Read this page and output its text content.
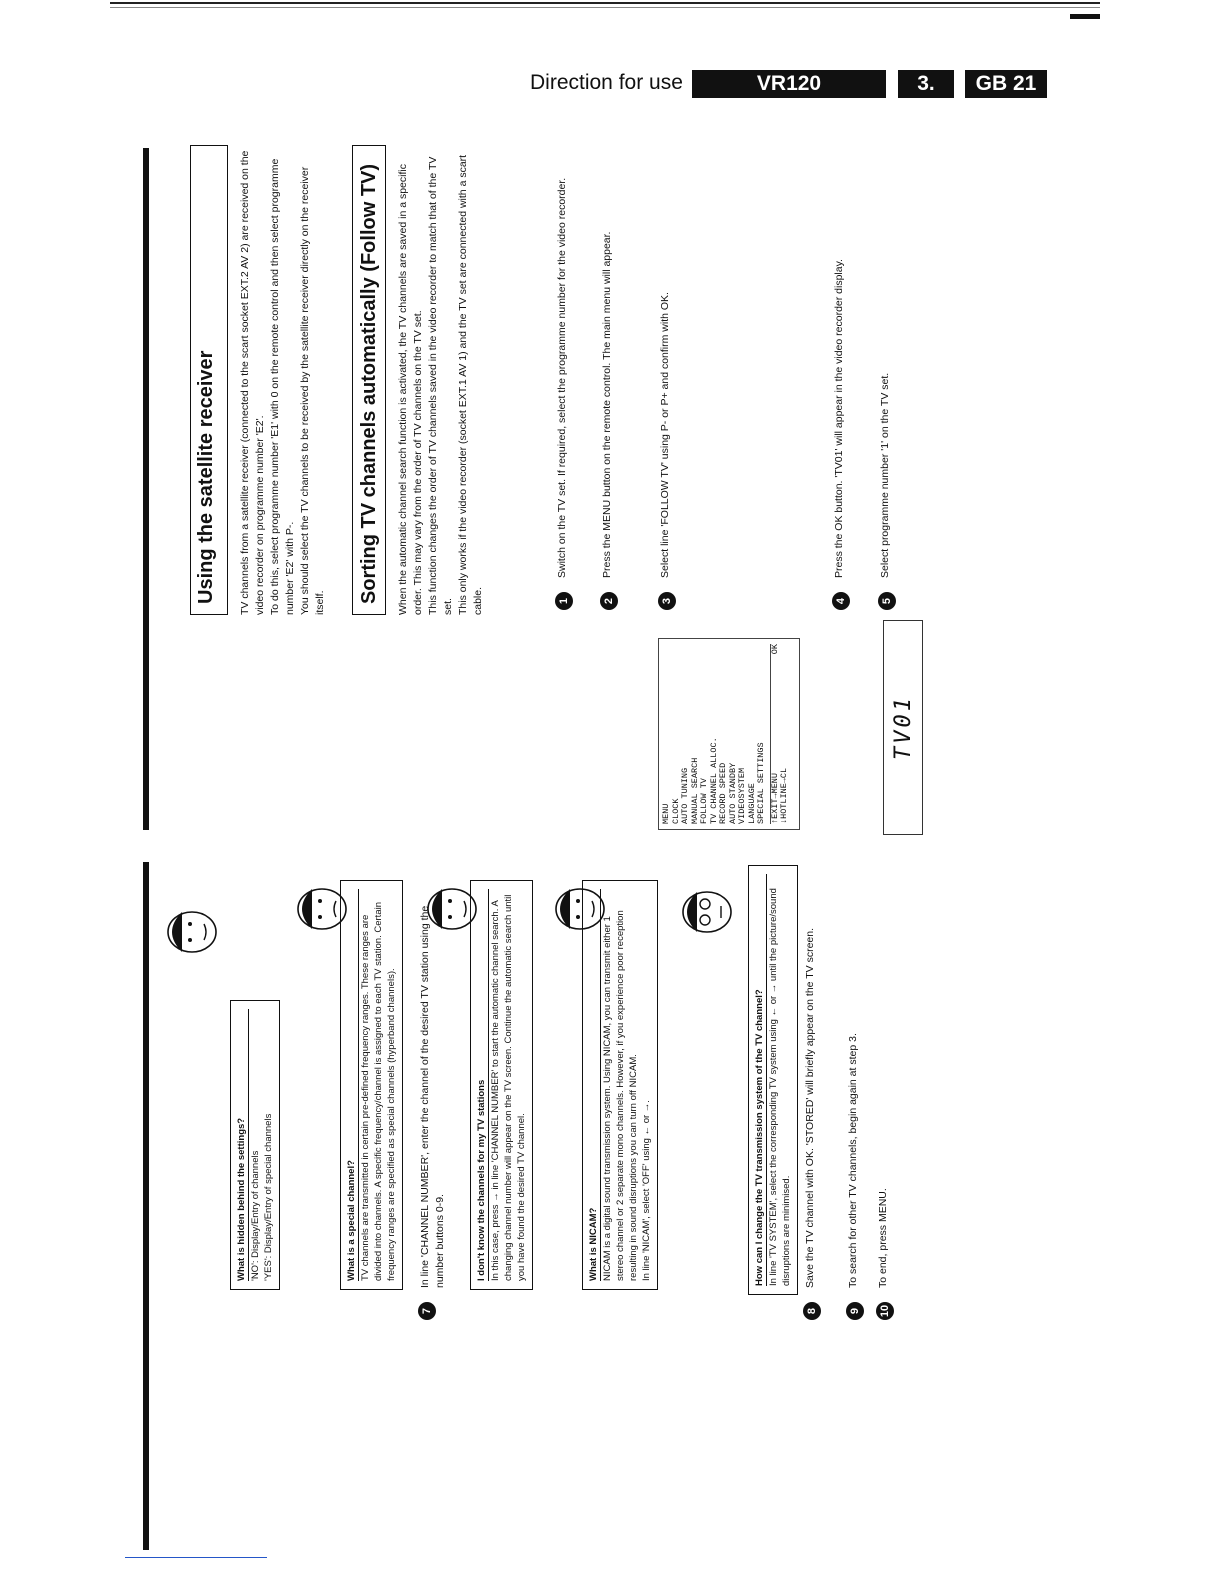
Direction for use	VR120	3.	GB 21
Using the satellite receiver	TV channels from a satellite receiver (connected to the scart socket EXT.2 AV 2) are received on the video recorder on programme number 'E2'. To do this, select programme number 'E1' with 0 on the remote control and then select programme number 'E2' with P-. You should select the TV channels to be received by the satellite receiver directly on the receiver itself.	Sorting TV channels automatically (Follow TV)	When the automatic channel search function is activated, the TV channels are saved in a specific order. This may vary from the order of TV channels on the TV set. This function changes the order of TV channels saved in the video recorder to match that of the TV set. This only works if the video recorder (socket EXT.1 AV 1) and the TV set are connected with a scart cable.	1
Switch on the TV set. If required, select the programme number for the video recorder.
2
Press the MENU button on the remote control. The main menu will appear.
3
Select line 'FOLLOW TV' using P- or P+ and confirm with OK.
4
Press the OK button. 'TV01' will appear in the video recorder display.
5
Select programme number '1' on the TV set.
MENU CLOCK AUTO TUNING MANUAL SEARCH FOLLOW TV TV CHANNEL ALLOC. RECORD SPEED AUTO STANDBY VIDEOSYSTEM LANGUAGE SPECIAL SETTINGS ↑EXIT→MENU ↓HOTLINE→CL
OK
TV01
What is hidden behind the settings? 'NO': Display/Entry of channels 'YES': Display/Entry of special channels	What is a special channel? TV channels are transmitted in certain pre-defined frequency ranges. These ranges are divided into channels. A specific frequency/channel is assigned to each TV station. Certain frequency ranges are specified as special channels (hyperband channels).
7
In line 'CHANNEL NUMBER', enter the channel of the desired TV station using the number buttons 0-9.	I don't know the channels for my TV stations In this case, press → in line 'CHANNEL NUMBER' to start the automatic channel search. A changing channel number will appear on the TV screen. Continue the automatic search until you have found the desired TV channel.	What is NICAM? NICAM is a digital sound transmission system. Using NICAM, you can transmit either 1 stereo channel or 2 separate mono channels. However, if you experience poor reception resulting in sound disruptions you can turn off NICAM. In line 'NICAM', select 'OFF' using ← or →.	How can I change the TV transmission system of the TV channel? In line 'TV SYSTEM', select the corresponding TV system using ← or → until the picture/sound disruptions are minimised.
8
Save the TV channel with OK. 'STORED' will briefly appear on the TV screen.
9
To search for other TV channels, begin again at step 3.
10
To end, press MENU.
